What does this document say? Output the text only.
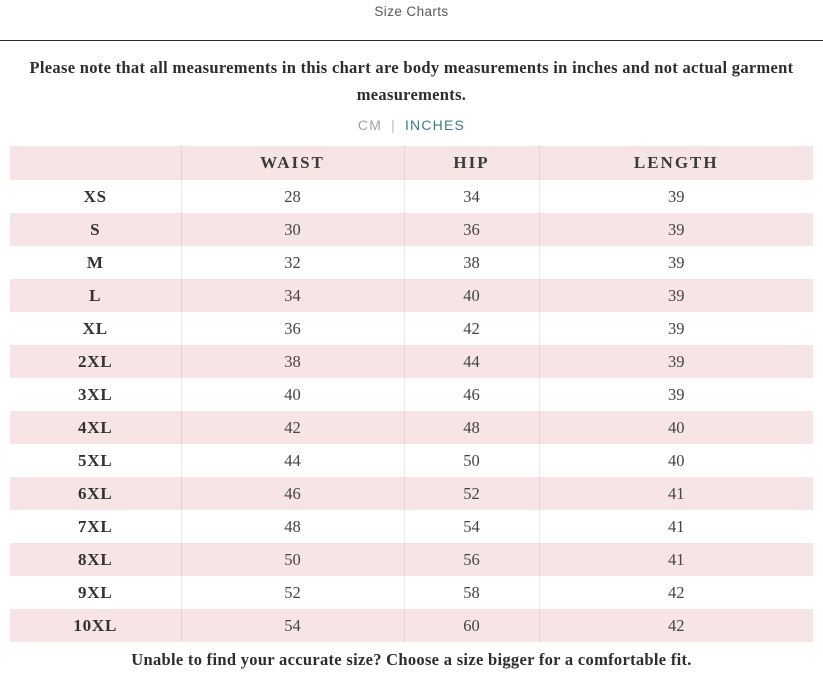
Size Charts

Please note that all measurements in this chart are body measurements in inches and not actual garment measurements.

CM | INCHES
	WAIST	HIP	LENGTH
XS	28	34	39
S	30	36	39
M	32	38	39
L	34	40	39
XL	36	42	39
2XL	38	44	39
3XL	40	46	39
4XL	42	48	40
5XL	44	50	40
6XL	46	52	41
7XL	48	54	41
8XL	50	56	41
9XL	52	58	42
10XL	54	60	42

Unable to find your accurate size? Choose a size bigger for a comfortable fit.
